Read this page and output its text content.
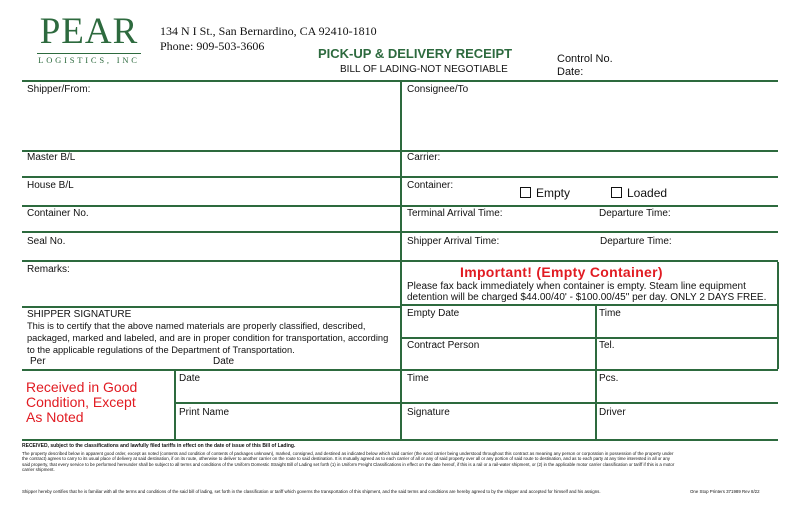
PEAR
LOGISTICS, INC
134 N I St., San Bernardino, CA 92410-1810
Phone: 909-503-3606	PICK-UP & DELIVERY RECEIPT
BILL OF LADING-NOT NEGOTIABLE
Control No.
Date:
Shipper/From:	Consignee/To
Master B/L	Carrier:
House B/L	Container:
Empty	Loaded
Container No.	Terminal Arrival Time:	Departure Time:
Seal No.	Shipper Arrival Time:	Departure Time:
Remarks:	Important! (Empty Container)
Please fax back immediately when container is empty. Steam line equipment
detention will be charged $44.00/40' - $100.00/45" per day. ONLY 2 DAYS FREE.
SHIPPER SIGNATURE
This is to certify that the above named materials are properly classified, described,
packaged, marked and labeled, and are in proper condition for transportation, according
to the applicable regulations of the Department of Transportation.
Per	Date
Empty Date	Time
Contract Person	Tel.
Received in Good
Condition, Except
As Noted
Date	Time	Pcs.
Print Name	Signature	Driver
RECEIVED, subject to the classifications and lawfully filed tariffs in effect on the date of issue of this Bill of Lading.
The property described below in apparent good order, except as noted (contents and condition of contents of packages unknown), marked, consigned, and destined as indicated below which said carrier (the word carrier being understood throughout this contract as meaning any person or corporation in possession of the property under
the contract) agrees to carry to its usual place of delivery at said destination, if on its route, otherwise to deliver to another carrier on the route to said destination. It is mutually agreed as to each carrier of all or any of said property over all or any portion of said route to destination, and as to each party at any time interested in all or any
said property, that every service to be performed hereunder shall be subject to all terms and conditions of the Uniform Domestic Straight Bill of Lading set forth (1) in Uniform Freight Classifications in effect on the date hereof, if this is a rail or a rail-water shipment, or (2) in the applicable motor carrier classification or tariff if this is a motor
carrier shipment.
Shipper hereby certifies that he is familiar with all the terms and conditions of the said bill of lading, set forth in the classification or tariff which governs the transportation of this shipment, and the said terms and conditions are hereby agreed to by the shipper and accepted for himself and his assigns.	One Stop Printers 371989 Rev 8/22
